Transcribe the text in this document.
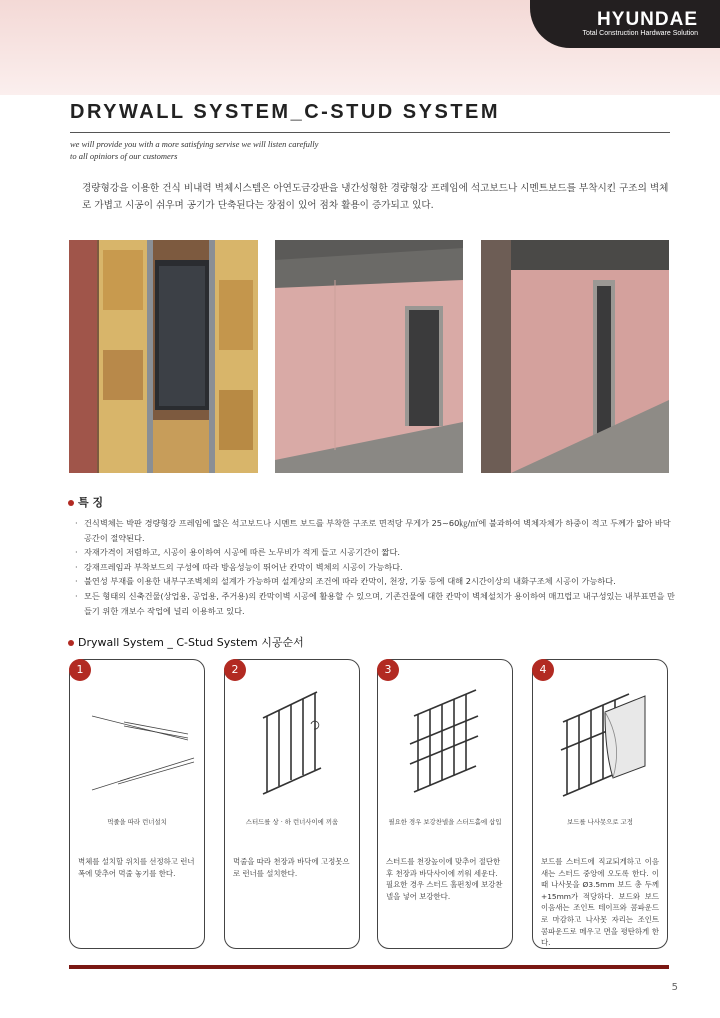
HYUNDAE
Total Construction Hardware Solution
DRYWALL SYSTEM_C-STUD SYSTEM
we will provide you with a more satisfying servise we will listen carefully
to all opiniors of our customers
경량형강을 이용한 건식 비내력 벽체시스템은 아연도금강판을 냉간성형한 경량형강 프레임에 석고보드나 시멘트보드를 부착시킨 구조의 벽체로 가볍고 시공이 쉬우며 공기가 단축된다는 장점이 있어 점차 활용이 증가되고 있다.
특 징
· 건식벽체는 박판 경량형강 프레임에 얇은 석고보드나 시멘트 보드를 부착한 구조로 면적당 무게가 25~60㎏/㎡에 불과하여 벽체자체가 하중이 적고 두께가 얇아 바닥공간이 절약된다.
· 자재가격이 저렴하고, 시공이 용이하여 시공에 따른 노무비가 적게 들고 시공기간이 짧다.
· 강재프레임과 부착보드의 구성에 따라 방음성능이 뛰어난 칸막이 벽체의 시공이 가능하다.
· 불연성 부재를 이용한 내부구조벽체의 설계가 가능하며 설계상의 조건에 따라 칸막이, 천장, 기둥 등에 대해 2시간이상의 내화구조체 시공이 가능하다.
· 모든 형태의 신축건물(상업용, 공업용, 주거용)의 칸막이벽 시공에 활용할 수 있으며, 기존건물에 대한 칸막이 벽체설치가 용이하여 매끄럽고 내구성있는 내부표면을 만들기 위한 개보수 작업에 널리 이용하고 있다.
Drywall System _ C-Stud System 시공순서
1
먹줄을 따라 런너설치
벽체를 설치할 위치를 선정하고 런너 폭에 맞추어 먹줄 놓기를 한다.
2
스터드를 상 · 하 런너사이에 끼움
먹줄을 따라 천장과 바닥에 고정못으로 런너를 설치한다.
3
필요한 경우 보강찬넬을 스터드홀에 삽입
스터드를 천장높이에 맞추어 절단한 후 천장과 바닥사이에 끼워 세운다. 필요한 경우 스터드 홀펀칭에 보강찬넬을 넣어 보강한다.
4
보드를 나사못으로 고정
보드를 스터드에 직교되게하고 이음새는 스터드 중앙에 오도록 한다. 이때 나사못을 Ø3.5mm 보드 총 두께 +15mm가 적당하다. 보드와 보드 이음새는 조인트 테이프와 콤파운드로 마감하고 나사못 자리는 조인트 콤파운드로 메우고 면을 평탄하게 한다.
5
